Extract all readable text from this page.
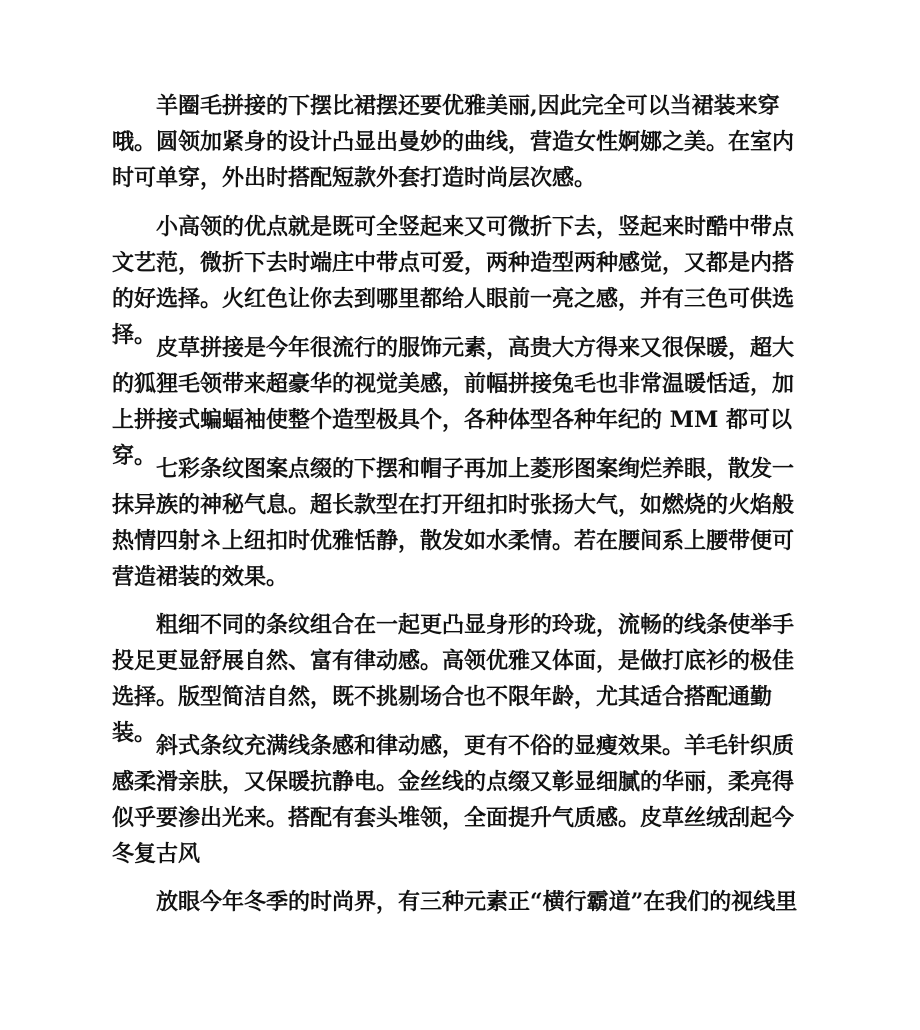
羊圈毛拼接的下摆比裙摆还要优雅美丽,因此完全可以当裙装来穿哦。圆领加紧身的设计凸显出曼妙的曲线，营造女性婀娜之美。在室内时可单穿，外出时搭配短款外套打造时尚层次感。

小高领的优点就是既可全竖起来又可微折下去，竖起来时酷中带点文艺范，微折下去时端庄中带点可爱，两种造型两种感觉，又都是内搭的好选择。火红色让你去到哪里都给人眼前一亮之感，并有三色可供选择。 皮草拼接是今年很流行的服饰元素，高贵大方得来又很保暖，超大的狐狸毛领带来超豪华的视觉美感，前幅拼接兔毛也非常温暖恬适，加上拼接式蝙蝠袖使整个造型极具个，各种体型各种年纪的 MM 都可以穿。 七彩条纹图案点缀的下摆和帽子再加上菱形图案绚烂养眼，散发一抹异族的神秘气息。超长款型在打开纽扣时张扬大气，如燃烧的火焰般热情四射ネ上纽扣时优雅恬静，散发如水柔情。若在腰间系上腰带便可营造裙装的效果。

粗细不同的条纹组合在一起更凸显身形的玲珑，流畅的线条使举手投足更显舒展自然、富有律动感。高领优雅又体面，是做打底衫的极佳选择。版型简洁自然，既不挑剔场合也不限年龄，尤其适合搭配通勤装。 斜式条纹充满线条感和律动感，更有不俗的显瘦效果。羊毛针织质感柔滑亲肤，又保暖抗静电。金丝线的点缀又彰显细腻的华丽，柔亮得似乎要渗出光来。搭配有套头堆领，全面提升气质感。皮草丝绒刮起今冬复古风

放眼今年冬季的时尚界，有三种元素正“横行霸道”在我们的视线里
